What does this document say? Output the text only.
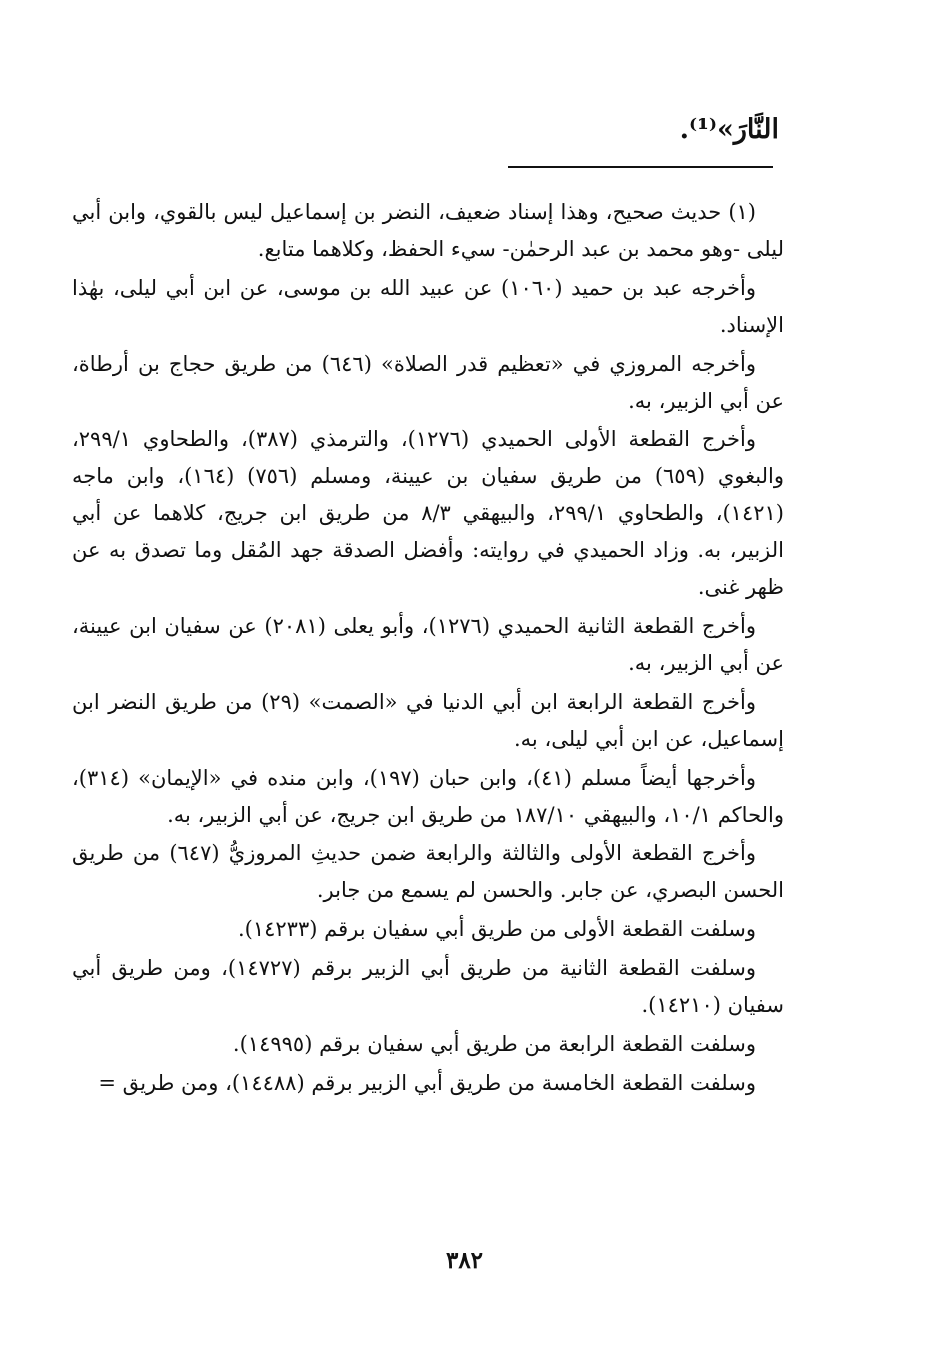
النَّارَ»⁽¹⁾.

(١) حديث صحيح، وهذا إسناد ضعيف، النضر بن إسماعيل ليس بالقوي، وابن أبي ليلى -وهو محمد بن عبد الرحمٰن- سيء الحفظ، وكلاهما متابع.

وأخرجه عبد بن حميد (١٠٦٠) عن عبيد الله بن موسى، عن ابن أبي ليلى، بهٰذا الإسناد.

وأخرجه المروزي في «تعظيم قدر الصلاة» (٦٤٦) من طريق حجاج بن أرطاة، عن أبي الزبير، به.

وأخرج القطعة الأولى الحميدي (١٢٧٦)، والترمذي (٣٨٧)، والطحاوي ٢٩٩/١، والبغوي (٦٥٩) من طريق سفيان بن عيينة، ومسلم (٧٥٦) (١٦٤)، وابن ماجه (١٤٢١)، والطحاوي ٢٩٩/١، والبيهقي ٨/٣ من طريق ابن جريج، كلاهما عن أبي الزبير، به. وزاد الحميدي في روايته: وأفضل الصدقة جهد المُقل وما تصدق به عن ظهر غنى.

وأخرج القطعة الثانية الحميدي (١٢٧٦)، وأبو يعلى (٢٠٨١) عن سفيان ابن عيينة، عن أبي الزبير، به.

وأخرج القطعة الرابعة ابن أبي الدنيا في «الصمت» (٢٩) من طريق النضر ابن إسماعيل، عن ابن أبي ليلى، به.

وأخرجها أيضاً مسلم (٤١)، وابن حبان (١٩٧)، وابن منده في «الإيمان» (٣١٤)، والحاكم ١٠/١، والبيهقي ١٨٧/١٠ من طريق ابن جريج، عن أبي الزبير، به.

وأخرج القطعة الأولى والثالثة والرابعة ضمن حديثِ المروزيُّ (٦٤٧) من طريق الحسن البصري، عن جابر. والحسن لم يسمع من جابر.

وسلفت القطعة الأولى من طريق أبي سفيان برقم (١٤٢٣٣).

وسلفت القطعة الثانية من طريق أبي الزبير برقم (١٤٧٢٧)، ومن طريق أبي سفيان (١٤٢١٠).

وسلفت القطعة الرابعة من طريق أبي سفيان برقم (١٤٩٩٥).

وسلفت القطعة الخامسة من طريق أبي الزبير برقم (١٤٤٨٨)، ومن طريق =

٣٨٢
